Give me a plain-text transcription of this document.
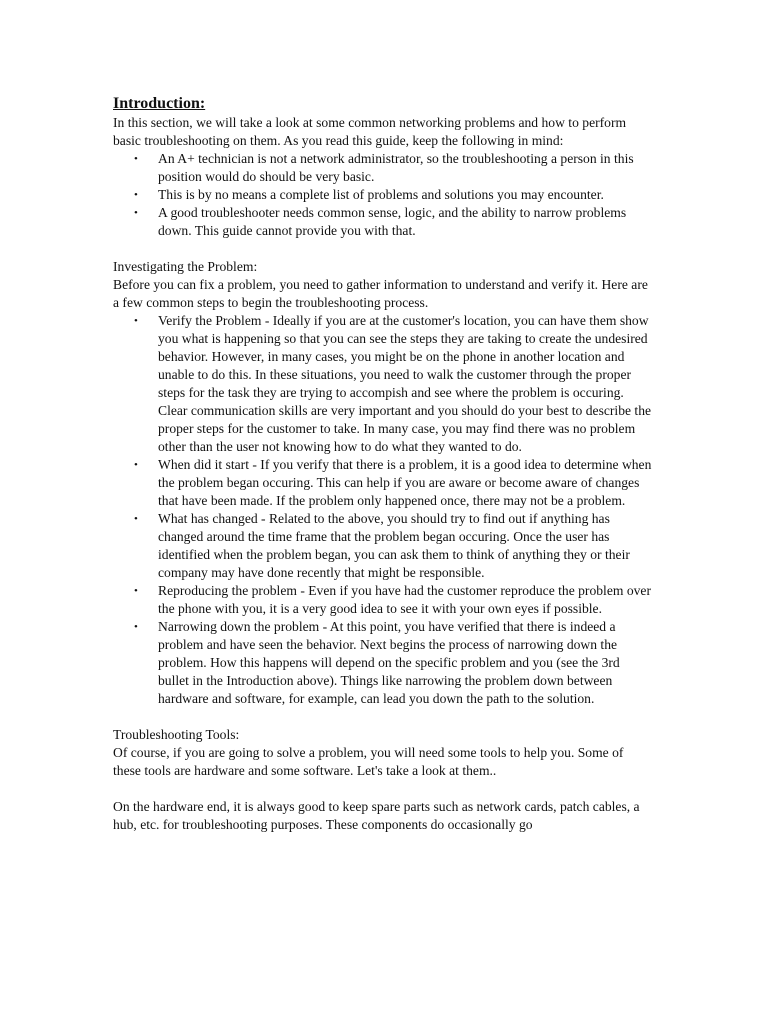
Introduction:

In this section, we will take a look at some common networking problems and how to perform basic troubleshooting on them. As you read this guide, keep the following in mind:

• An A+ technician is not a network administrator, so the troubleshooting a person in this position would do should be very basic.
• This is by no means a complete list of problems and solutions you may encounter.
• A good troubleshooter needs common sense, logic, and the ability to narrow problems down. This guide cannot provide you with that.

Investigating the Problem:

Before you can fix a problem, you need to gather information to understand and verify it. Here are a few common steps to begin the troubleshooting process.

• Verify the Problem - Ideally if you are at the customer's location, you can have them show you what is happening so that you can see the steps they are taking to create the undesired behavior. However, in many cases, you might be on the phone in another location and unable to do this. In these situations, you need to walk the customer through the proper steps for the task they are trying to accompish and see where the problem is occuring. Clear communication skills are very important and you should do your best to describe the proper steps for the customer to take. In many case, you may find there was no problem other than the user not knowing how to do what they wanted to do.
• When did it start - If you verify that there is a problem, it is a good idea to determine when the problem began occuring. This can help if you are aware or become aware of changes that have been made. If the problem only happened once, there may not be a problem.
• What has changed - Related to the above, you should try to find out if anything has changed around the time frame that the problem began occuring. Once the user has identified when the problem began, you can ask them to think of anything they or their company may have done recently that might be responsible.
• Reproducing the problem - Even if you have had the customer reproduce the problem over the phone with you, it is a very good idea to see it with your own eyes if possible.
• Narrowing down the problem - At this point, you have verified that there is indeed a problem and have seen the behavior. Next begins the process of narrowing down the problem. How this happens will depend on the specific problem and you (see the 3rd bullet in the Introduction above). Things like narrowing the problem down between hardware and software, for example, can lead you down the path to the solution.

Troubleshooting Tools:

Of course, if you are going to solve a problem, you will need some tools to help you. Some of these tools are hardware and some software. Let's take a look at them..

On the hardware end, it is always good to keep spare parts such as network cards, patch cables, a hub, etc. for troubleshooting purposes. These components do occasionally go
